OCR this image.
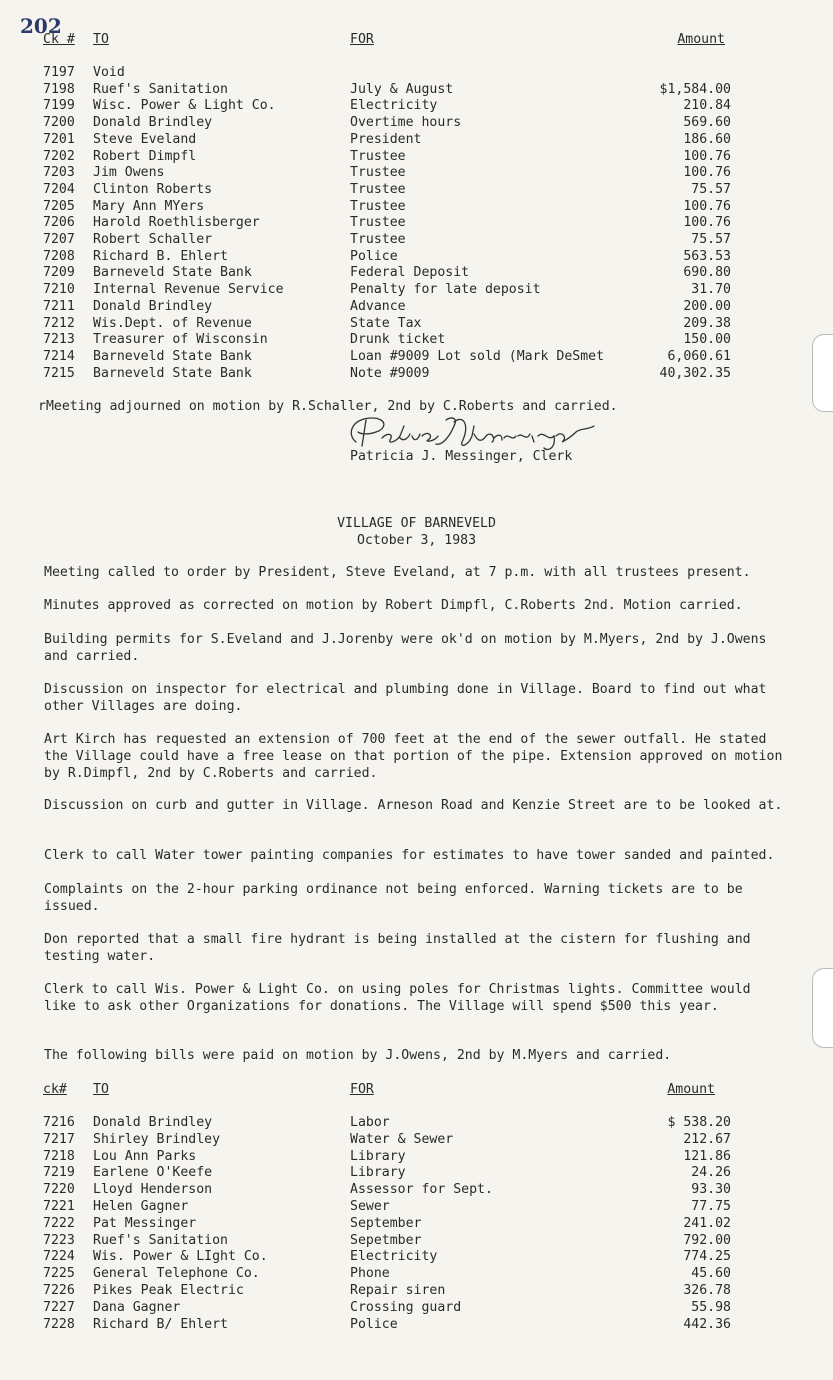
202
Ck # TO	FOR	Amount
7197 Void
7198 Ruef's Sanitation	July & August	$1,584.00
7199 Wisc. Power & Light Co.	Electricity	210.84
7200 Donald Brindley	Overtime hours	569.60
7201 Steve Eveland	President	186.60
7202 Robert Dimpfl	Trustee	100.76
7203 Jim Owens	Trustee	100.76
7204 Clinton Roberts	Trustee	75.57
7205 Mary Ann MYers	Trustee	100.76
7206 Harold Roethlisberger	Trustee	100.76
7207 Robert Schaller	Trustee	75.57
7208 Richard B. Ehlert	Police	563.53
7209 Barneveld State Bank	Federal Deposit	690.80
7210 Internal Revenue Service	Penalty for late deposit	31.70
7211 Donald Brindley	Advance	200.00
7212 Wis.Dept. of Revenue	State Tax	209.38
7213 Treasurer of Wisconsin	Drunk ticket	150.00
7214 Barneveld State Bank	Loan #9009 Lot sold (Mark DeSmet	6,060.61
7215 Barneveld State Bank	Note #9009	40,302.35
rMeeting adjourned on motion by R.Schaller, 2nd by C.Roberts and carried.
Patricia J. Messinger, Clerk
VILLAGE OF BARNEVELD
October 3, 1983
Meeting called to order by President, Steve Eveland, at 7 p.m. with all trustees present.
Minutes approved as corrected on motion by Robert Dimpfl, C.Roberts 2nd. Motion carried.
Building permits for S.Eveland and J.Jorenby were ok'd on motion by M.Myers, 2nd by J.Owens and carried.
Discussion on inspector for electrical and plumbing done in Village. Board to find out what other Villages are doing.
Art Kirch has requested an extension of 700 feet at the end of the sewer outfall. He stated the Village could have a free lease on that portion of the pipe. Extension approved on motion by R.Dimpfl, 2nd by C.Roberts and carried.
Discussion on curb and gutter in Village. Arneson Road and Kenzie Street are to be looked at.
Clerk to call Water tower painting companies for estimates to have tower sanded and painted.
Complaints on the 2-hour parking ordinance not being enforced. Warning tickets are to be issued.
Don reported that a small fire hydrant is being installed at the cistern for flushing and testing water.
Clerk to call Wis. Power & Light Co. on using poles for Christmas lights. Committee would like to ask other Organizations for donations. The Village will spend $500 this year.
The following bills were paid on motion by J.Owens, 2nd by M.Myers and carried.
ck# TO	FOR	Amount
7216 Donald Brindley	Labor	$ 538.20
7217 Shirley Brindley	Water & Sewer	212.67
7218 Lou Ann Parks	Library	121.86
7219 Earlene O'Keefe	Library	24.26
7220 Lloyd Henderson	Assessor for Sept.	93.30
7221 Helen Gagner	Sewer	77.75
7222 Pat Messinger	September	241.02
7223 Ruef's Sanitation	Sepetmber	792.00
7224 Wis. Power & LIght Co.	Electricity	774.25
7225 General Telephone Co.	Phone	45.60
7226 Pikes Peak Electric	Repair siren	326.78
7227 Dana Gagner	Crossing guard	55.98
7228 Richard B/ Ehlert	Police	442.36
